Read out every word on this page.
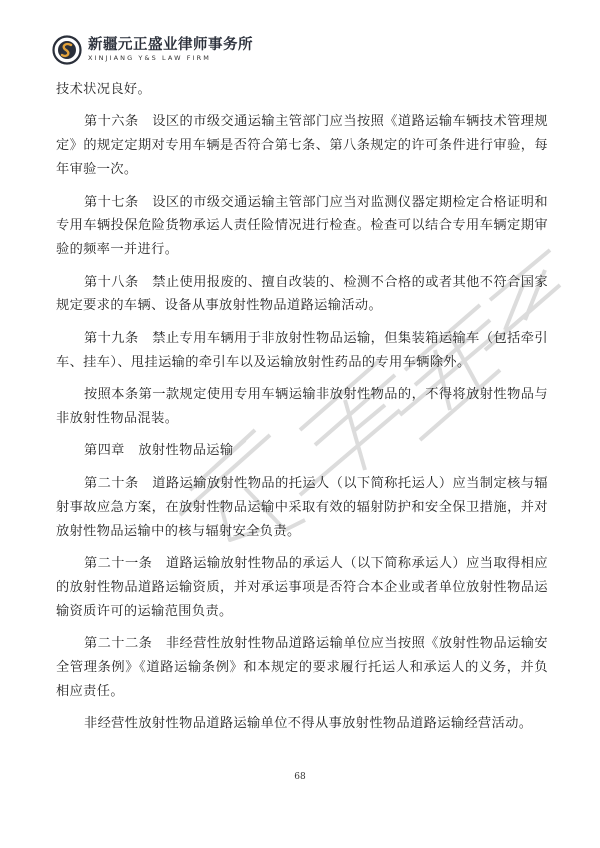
新疆元正盛业律师事务所
XINJIANG Y&S LAW FIRM

技术状况良好。

第十六条　设区的市级交通运输主管部门应当按照《道路运输车辆技术管理规定》的规定定期对专用车辆是否符合第七条、第八条规定的许可条件进行审验，每年审验一次。

第十七条　设区的市级交通运输主管部门应当对监测仪器定期检定合格证明和专用车辆投保危险货物承运人责任险情况进行检查。检查可以结合专用车辆定期审验的频率一并进行。

第十八条　禁止使用报废的、擅自改装的、检测不合格的或者其他不符合国家规定要求的车辆、设备从事放射性物品道路运输活动。

第十九条　禁止专用车辆用于非放射性物品运输，但集装箱运输车（包括牵引车、挂车）、甩挂运输的牵引车以及运输放射性药品的专用车辆除外。

按照本条第一款规定使用专用车辆运输非放射性物品的，不得将放射性物品与非放射性物品混装。

第四章　放射性物品运输

第二十条　道路运输放射性物品的托运人（以下简称托运人）应当制定核与辐射事故应急方案，在放射性物品运输中采取有效的辐射防护和安全保卫措施，并对放射性物品运输中的核与辐射安全负责。

第二十一条　道路运输放射性物品的承运人（以下简称承运人）应当取得相应的放射性物品道路运输资质，并对承运事项是否符合本企业或者单位放射性物品运输资质许可的运输范围负责。

第二十二条　非经营性放射性物品道路运输单位应当按照《放射性物品运输安全管理条例》《道路运输条例》和本规定的要求履行托运人和承运人的义务，并负相应责任。

非经营性放射性物品道路运输单位不得从事放射性物品道路运输经营活动。

68
